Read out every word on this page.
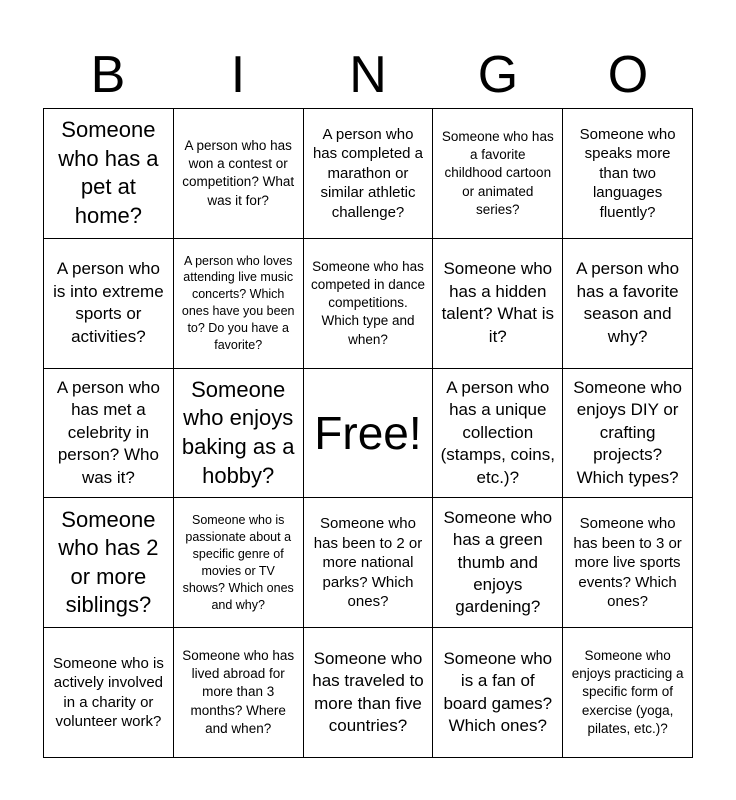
B	I	N	G	O
Someone who has a pet at home?
A person who has won a contest or competition? What was it for?
A person who has completed a marathon or similar athletic challenge?
Someone who has a favorite childhood cartoon or animated series?
Someone who speaks more than two languages fluently?
A person who is into extreme sports or activities?
A person who loves attending live music concerts? Which ones have you been to? Do you have a favorite?
Someone who has competed in dance competitions. Which type and when?
Someone who has a hidden talent? What is it?
A person who has a favorite season and why?
A person who has met a celebrity in person? Who was it?
Someone who enjoys baking as a hobby?
Free!
A person who has a unique collection (stamps, coins, etc.)?
Someone who enjoys DIY or crafting projects? Which types?
Someone who has 2 or more siblings?
Someone who is passionate about a specific genre of movies or TV shows? Which ones and why?
Someone who has been to 2 or more national parks? Which ones?
Someone who has a green thumb and enjoys gardening?
Someone who has been to 3 or more live sports events? Which ones?
Someone who is actively involved in a charity or volunteer work?
Someone who has lived abroad for more than 3 months? Where and when?
Someone who has traveled to more than five countries?
Someone who is a fan of board games? Which ones?
Someone who enjoys practicing a specific form of exercise (yoga, pilates, etc.)?
